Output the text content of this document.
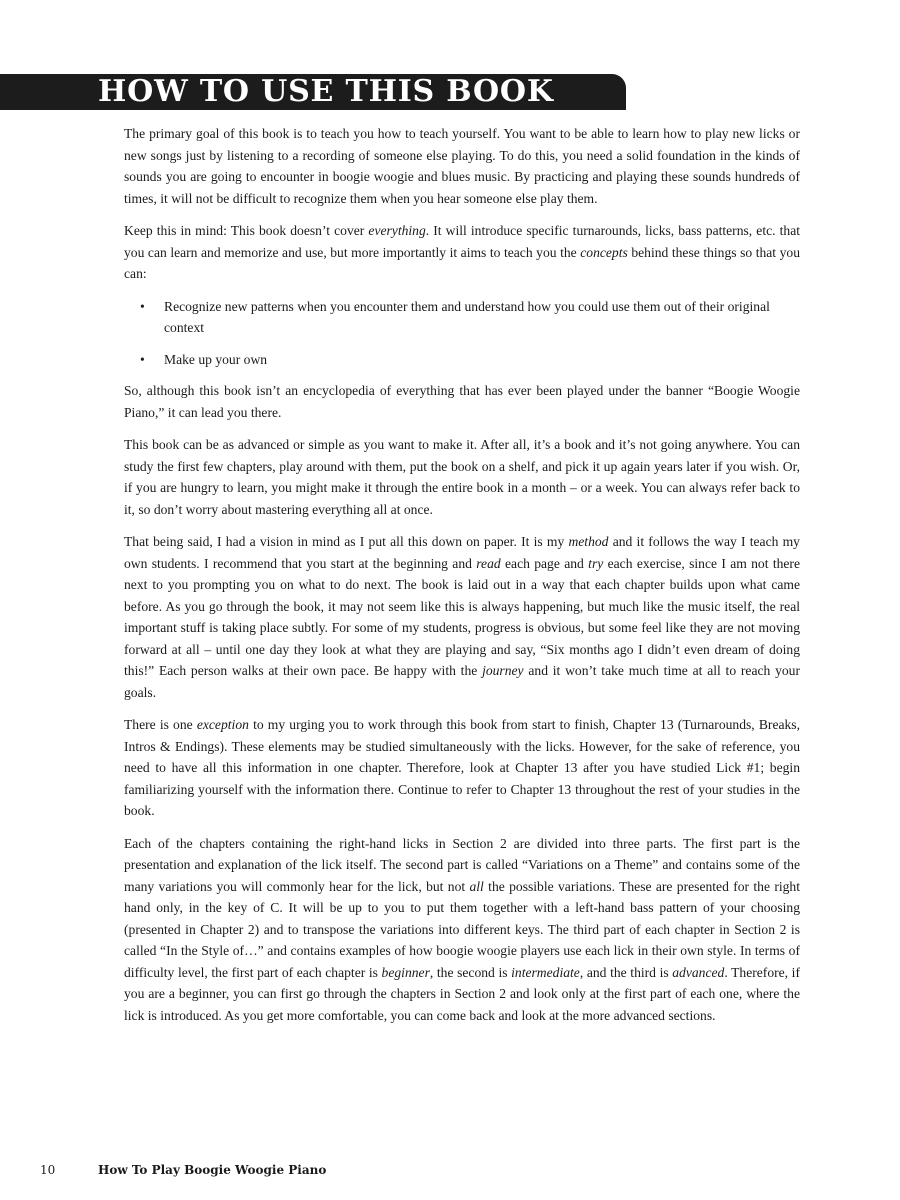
HOW TO USE THIS BOOK

The primary goal of this book is to teach you how to teach yourself. You want to be able to learn how to play new licks or new songs just by listening to a recording of someone else playing. To do this, you need a solid foundation in the kinds of sounds you are going to encounter in boogie woogie and blues music. By practicing and playing these sounds hundreds of times, it will not be difficult to recognize them when you hear someone else play them.

Keep this in mind: This book doesn’t cover everything. It will introduce specific turnarounds, licks, bass patterns, etc. that you can learn and memorize and use, but more importantly it aims to teach you the concepts behind these things so that you can:

• Recognize new patterns when you encounter them and understand how you could use them out of their original context
• Make up your own

So, although this book isn’t an encyclopedia of everything that has ever been played under the banner “Boogie Woogie Piano,” it can lead you there.

This book can be as advanced or simple as you want to make it. After all, it’s a book and it’s not going anywhere. You can study the first few chapters, play around with them, put the book on a shelf, and pick it up again years later if you wish. Or, if you are hungry to learn, you might make it through the entire book in a month – or a week. You can always refer back to it, so don’t worry about mastering everything all at once.

That being said, I had a vision in mind as I put all this down on paper. It is my method and it follows the way I teach my own students. I recommend that you start at the beginning and read each page and try each exercise, since I am not there next to you prompting you on what to do next. The book is laid out in a way that each chapter builds upon what came before. As you go through the book, it may not seem like this is always happening, but much like the music itself, the real important stuff is taking place subtly. For some of my students, progress is obvious, but some feel like they are not moving forward at all – until one day they look at what they are playing and say, “Six months ago I didn’t even dream of doing this!” Each person walks at their own pace. Be happy with the journey and it won’t take much time at all to reach your goals.

There is one exception to my urging you to work through this book from start to finish, Chapter 13 (Turnarounds, Breaks, Intros & Endings). These elements may be studied simultaneously with the licks. However, for the sake of reference, you need to have all this information in one chapter. Therefore, look at Chapter 13 after you have studied Lick #1; begin familiarizing yourself with the information there. Continue to refer to Chapter 13 throughout the rest of your studies in the book.

Each of the chapters containing the right-hand licks in Section 2 are divided into three parts. The first part is the presentation and explanation of the lick itself. The second part is called “Variations on a Theme” and contains some of the many variations you will commonly hear for the lick, but not all the possible variations. These are presented for the right hand only, in the key of C. It will be up to you to put them together with a left-hand bass pattern of your choosing (presented in Chapter 2) and to transpose the variations into different keys. The third part of each chapter in Section 2 is called “In the Style of…” and contains examples of how boogie woogie players use each lick in their own style. In terms of difficulty level, the first part of each chapter is beginner, the second is intermediate, and the third is advanced. Therefore, if you are a beginner, you can first go through the chapters in Section 2 and look only at the first part of each one, where the lick is introduced. As you get more comfortable, you can come back and look at the more advanced sections.

10	How To Play Boogie Woogie Piano
